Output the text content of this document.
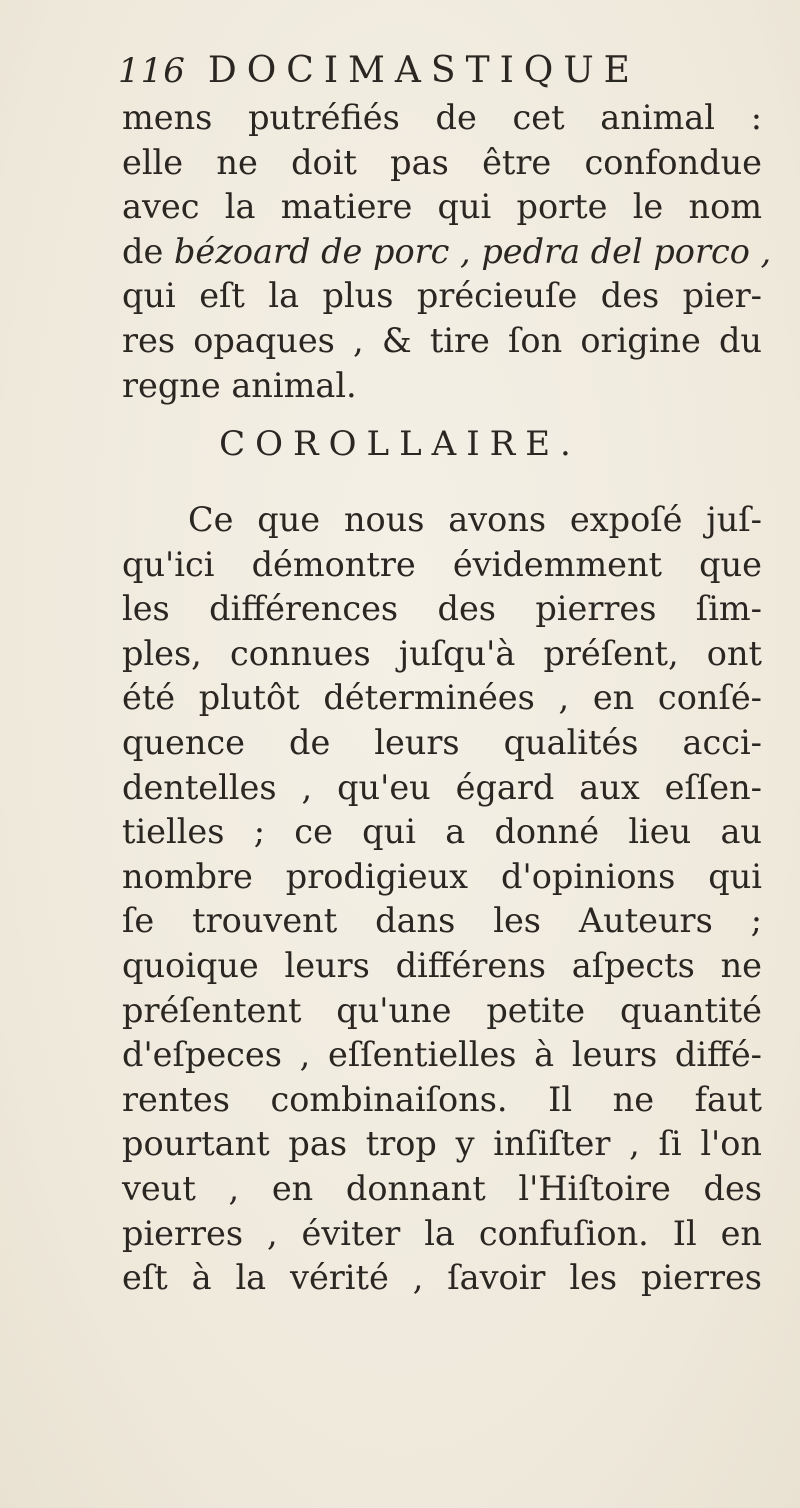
116 DOCIMASTIQUE
mens putréfiés de cet animal :
elle ne doit pas être confondue
avec la matiere qui porte le nom
de bézoard de porc , pedra del porco ,
qui eſt la plus précieuſe des pier-
res opaques , & tire ſon origine du
regne animal.
COROLLAIRE.
Ce que nous avons expoſé juſ-
qu'ici démontre évidemment que
les différences des pierres ſim-
ples, connues juſqu'à préſent, ont
été plutôt déterminées , en conſé-
quence de leurs qualités acci-
dentelles , qu'eu égard aux eſſen-
tielles ; ce qui a donné lieu au
nombre prodigieux d'opinions qui
ſe trouvent dans les Auteurs ;
quoique leurs différens aſpects ne
préſentent qu'une petite quantité
d'eſpeces , eſſentielles à leurs diffé-
rentes combinaiſons. Il ne faut
pourtant pas trop y inſiſter , ſi l'on
veut , en donnant l'Hiſtoire des
pierres , éviter la confuſion. Il en
eſt à la vérité , ſavoir les pierres
